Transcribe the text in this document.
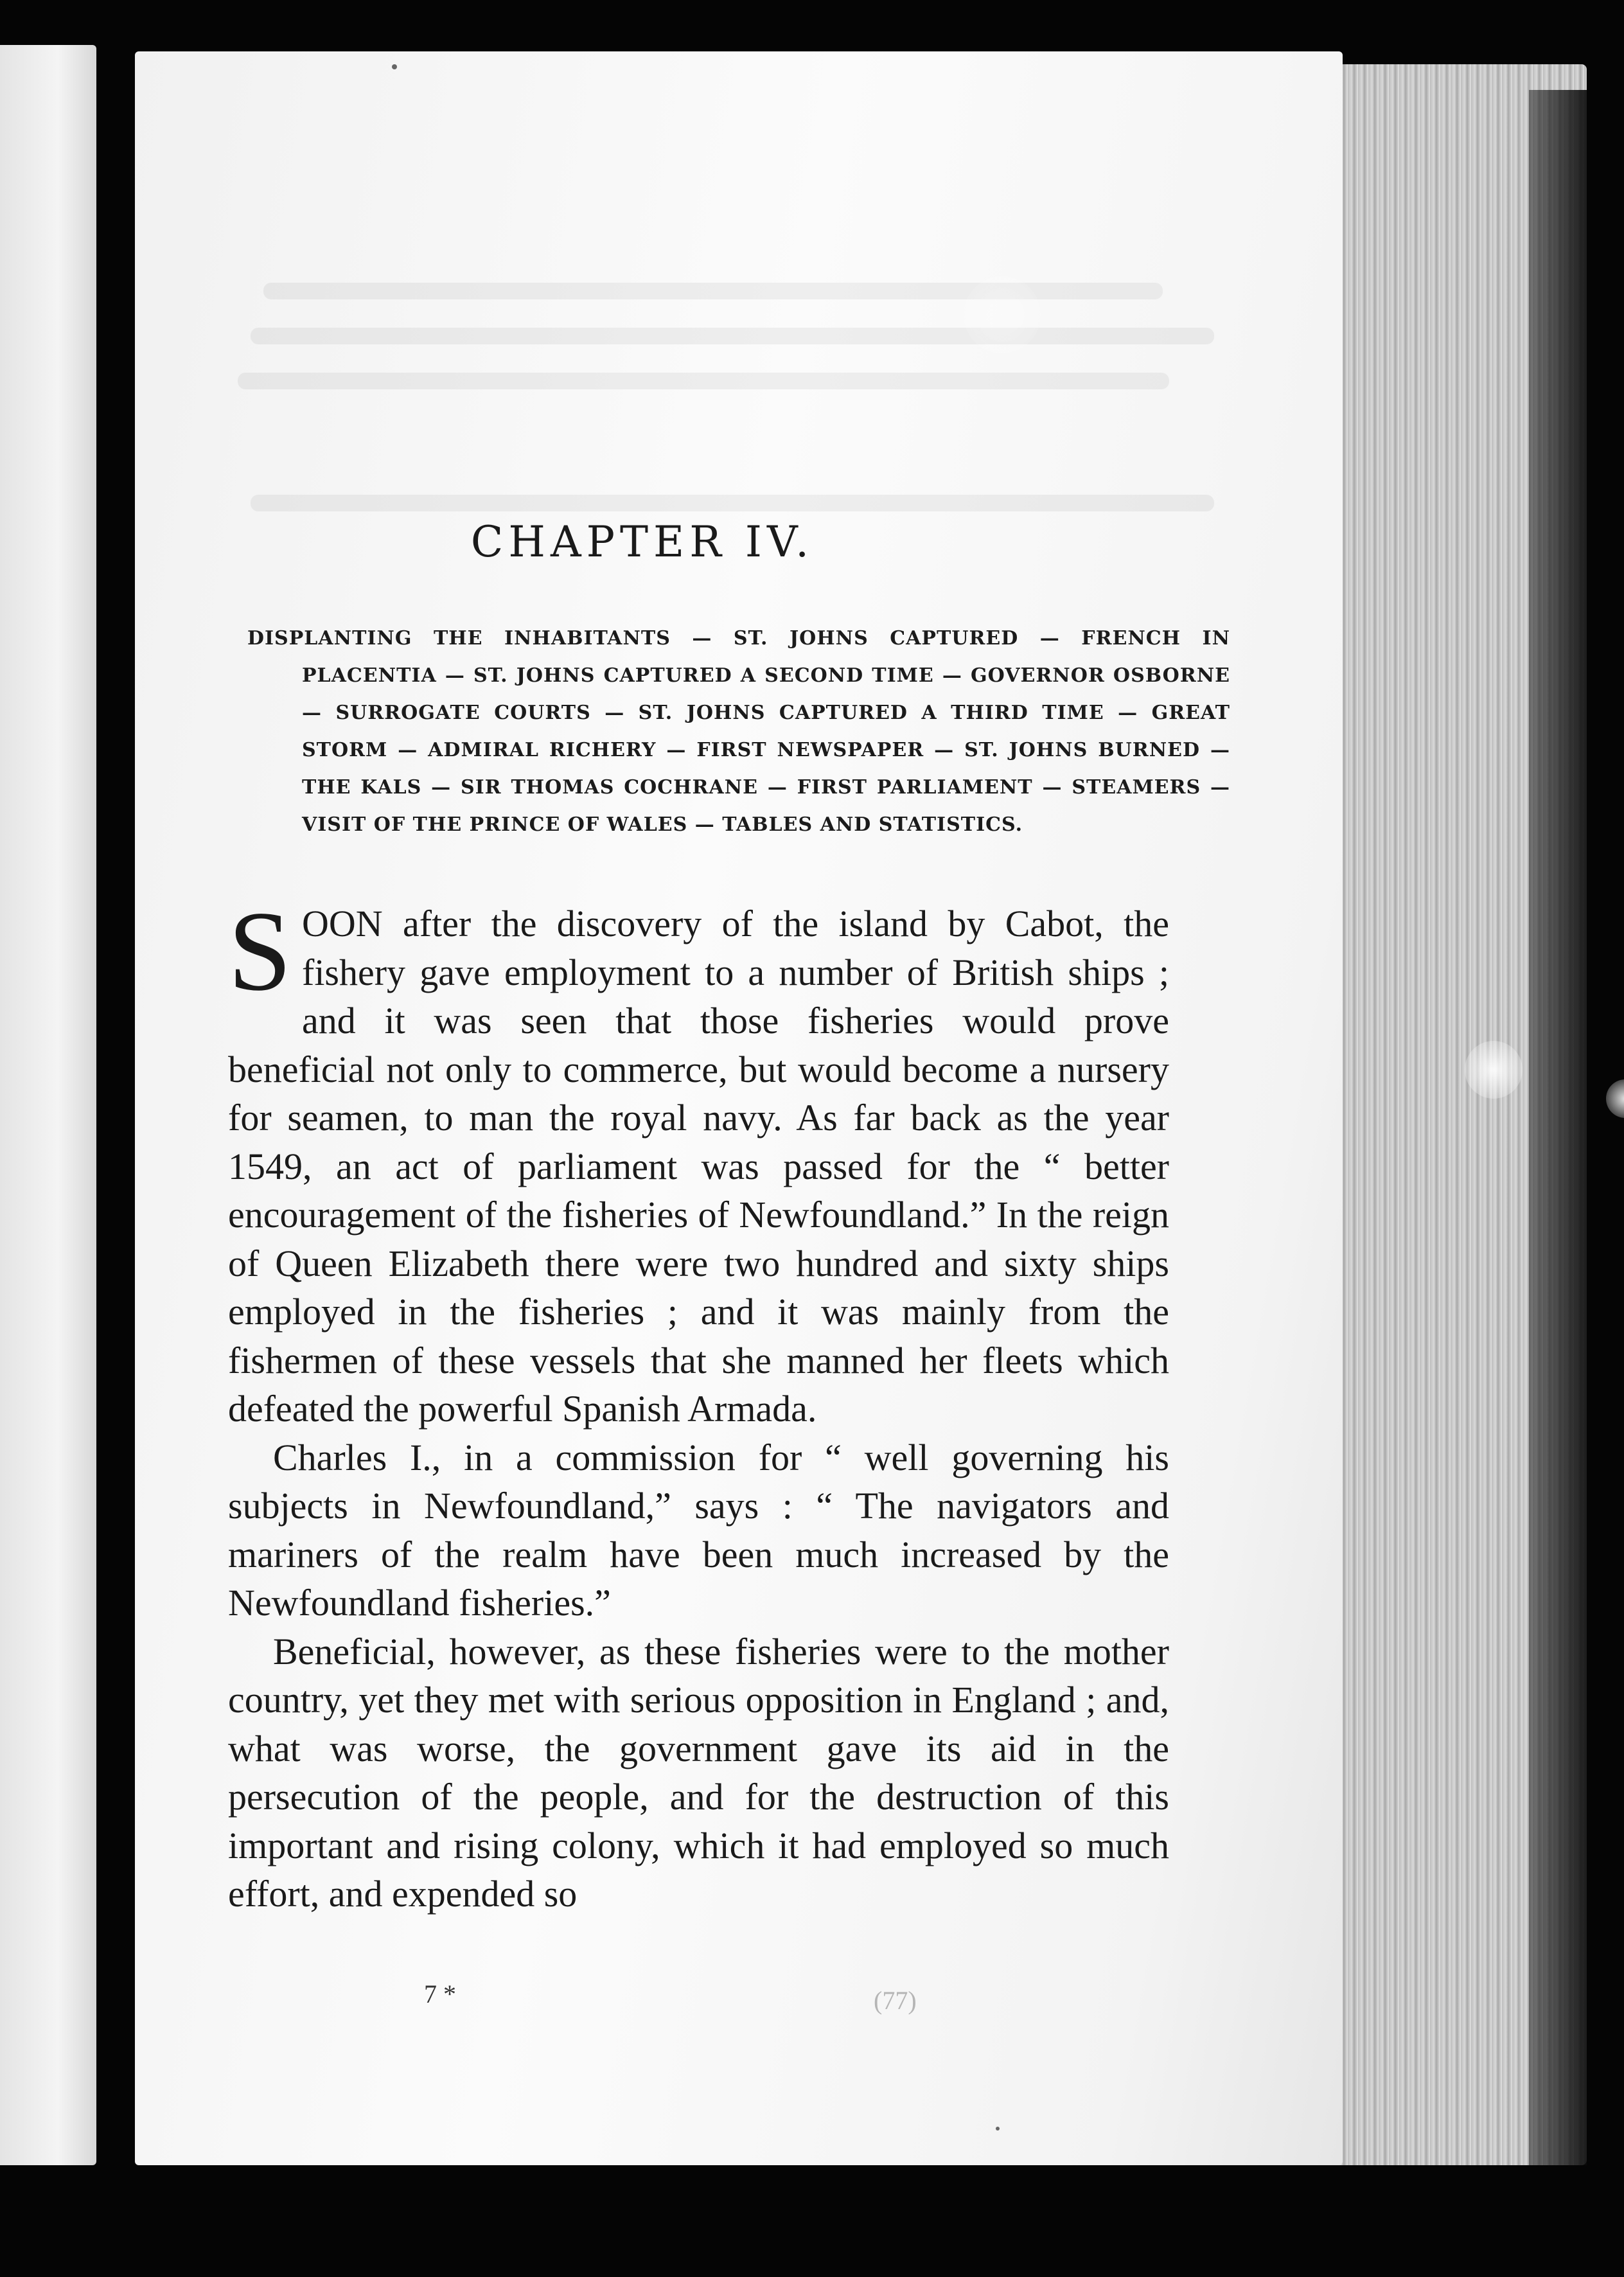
CHAPTER IV.
DISPLANTING THE INHABITANTS — ST. JOHNS CAPTURED — FRENCH IN PLACENTIA — ST. JOHNS CAPTURED A SECOND TIME — GOVERNOR OSBORNE — SURROGATE COURTS — ST. JOHNS CAPTURED A THIRD TIME — GREAT STORM — ADMIRAL RICHERY — FIRST NEWSPAPER — ST. JOHNS BURNED — THE KALS — SIR THOMAS COCHRANE — FIRST PARLIAMENT — STEAMERS — VISIT OF THE PRINCE OF WALES — TABLES AND STATISTICS.

SOON after the discovery of the island by Cabot, the fishery gave employment to a number of British ships ; and it was seen that those fisheries would prove beneficial not only to commerce, but would become a nursery for seamen, to man the royal navy. As far back as the year 1549, an act of parliament was passed for the “ better encouragement of the fisheries of Newfoundland.” In the reign of Queen Elizabeth there were two hundred and sixty ships employed in the fisheries ; and it was mainly from the fishermen of these vessels that she manned her fleets which defeated the powerful Spanish Armada.

Charles I., in a commission for “ well governing his subjects in Newfoundland,” says : “ The navigators and mariners of the realm have been much increased by the Newfoundland fisheries.”

Beneficial, however, as these fisheries were to the mother country, yet they met with serious opposition in England ; and, what was worse, the government gave its aid in the persecution of the people, and for the destruction of this important and rising colony, which it had employed so much effort, and expended so

7 *	(77)
